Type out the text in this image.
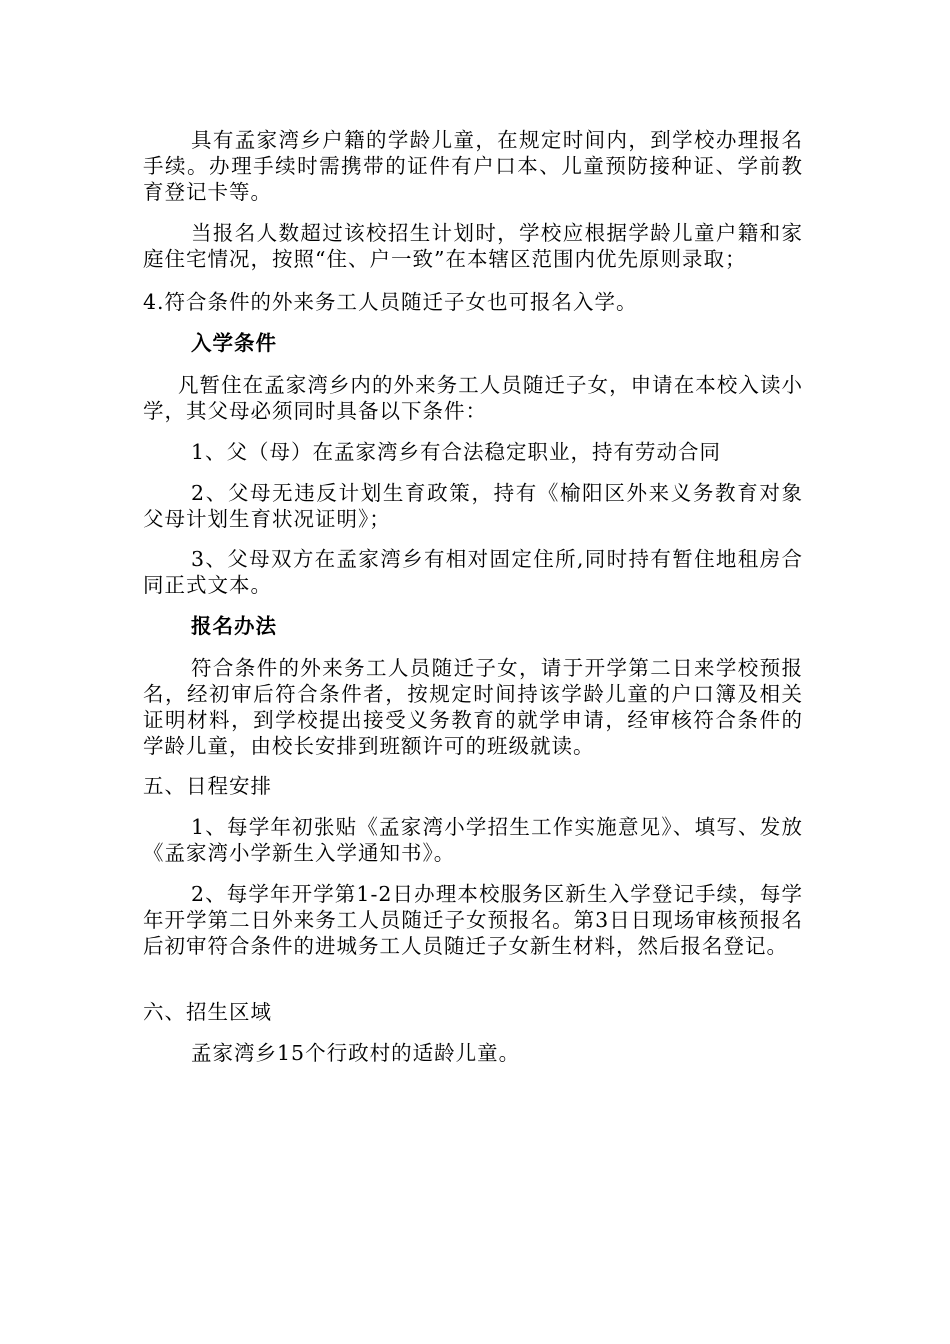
具有孟家湾乡户籍的学龄儿童，在规定时间内，到学校办理报名手续。办理手续时需携带的证件有户口本、儿童预防接种证、学前教育登记卡等。

当报名人数超过该校招生计划时，学校应根据学龄儿童户籍和家庭住宅情况，按照“住、户一致”在本辖区范围内优先原则录取；

4.符合条件的外来务工人员随迁子女也可报名入学。

入学条件

凡暂住在孟家湾乡内的外来务工人员随迁子女，申请在本校入读小学，其父母必须同时具备以下条件：

1、父（母）在孟家湾乡有合法稳定职业，持有劳动合同

2、父母无违反计划生育政策，持有《榆阳区外来义务教育对象父母计划生育状况证明》；

3、父母双方在孟家湾乡有相对固定住所,同时持有暂住地租房合同正式文本。

报名办法

符合条件的外来务工人员随迁子女，请于开学第二日来学校预报名，经初审后符合条件者，按规定时间持该学龄儿童的户口簿及相关证明材料，到学校提出接受义务教育的就学申请，经审核符合条件的学龄儿童，由校长安排到班额许可的班级就读。

五、日程安排

1、每学年初张贴《孟家湾小学招生工作实施意见》、填写、发放《孟家湾小学新生入学通知书》。

2、每学年开学第1-2日办理本校服务区新生入学登记手续，每学年开学第二日外来务工人员随迁子女预报名。第3日日现场审核预报名后初审符合条件的进城务工人员随迁子女新生材料，然后报名登记。

六、招生区域

孟家湾乡15个行政村的适龄儿童。
